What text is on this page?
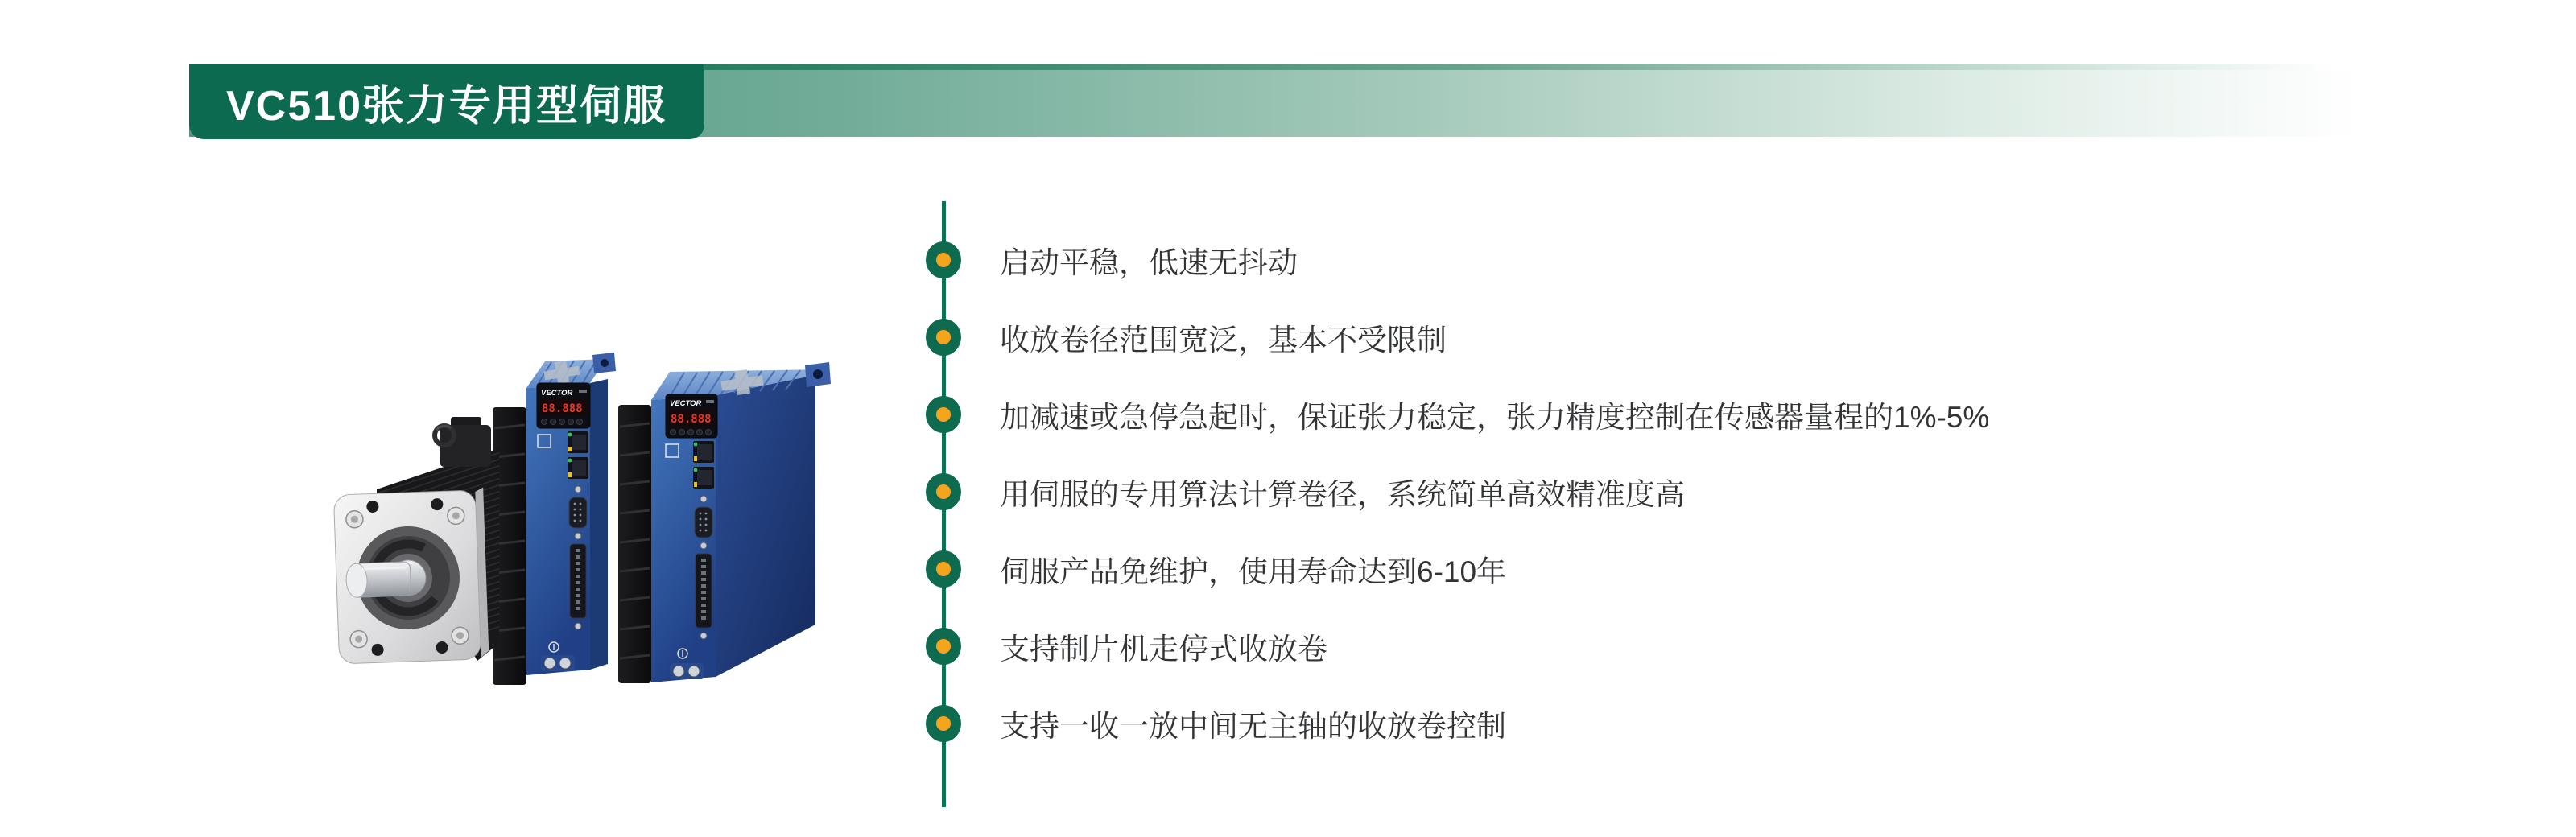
VC510张力专用型伺服
启动平稳，低速无抖动
收放卷径范围宽泛，基本不受限制
加减速或急停急起时，保证张力稳定，张力精度控制在传感器量程的1%-5%
用伺服的专用算法计算卷径，系统简单高效精准度高
伺服产品免维护，使用寿命达到6-10年
支持制片机走停式收放卷
支持一收一放中间无主轴的收放卷控制
VECTOR
88.888
VECTOR
88.888
